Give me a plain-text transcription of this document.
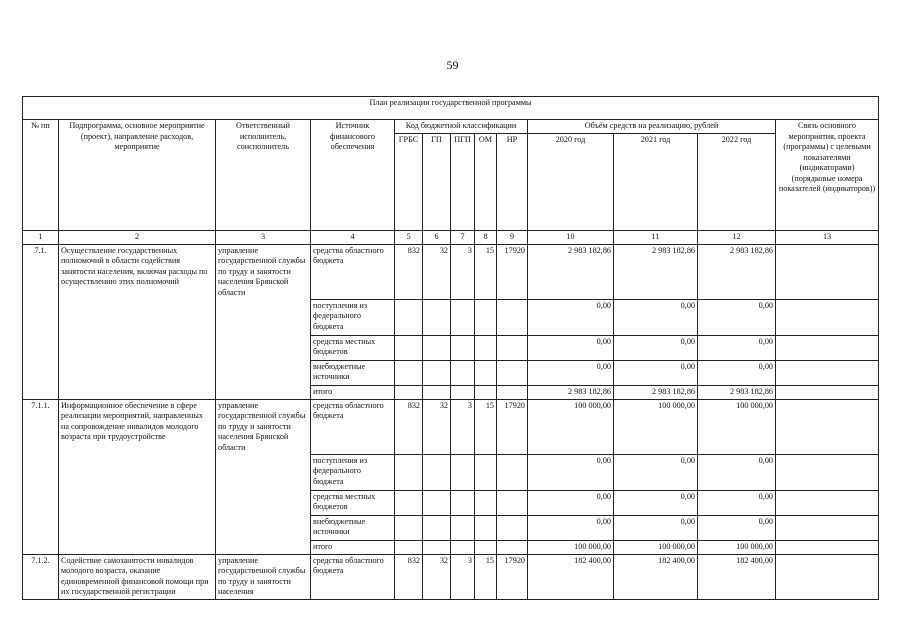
59
План реализации государственной программы												
№ пп	Подпрограмма, основное мероприятие (проект), направление расходов, мероприятие	Ответственный исполнитель, соисполнитель	Источник финансового обеспечения	Код бюджетной классификации					Объём средств на реализацию, рублей			Связь основного мероприятия, проекта (программы) с целевыми показателями (индикаторами) (порядковые номера показателей (индикаторов))
				ГРБС	ГП	ПГП	ОМ	НР	2020 год	2021 год	2022 год	
1	2	3	4	5	6	7	8	9	10	11	12	13
7.1.	Осуществление государственных полномочий в области содействия занятости населения, включая расходы по осуществлению этих полномочий	управление государственной службы по труду и занятости населения Брянской области	средства областного бюджета	832	32	3	15	17920	2 983 182,86	2 983 182,86	2 983 182,86	
			поступления из федерального бюджета						0,00	0,00	0,00	
			средства местных бюджетов						0,00	0,00	0,00	
			внебюджетные источники						0,00	0,00	0,00	
			итого						2 983 182,86	2 983 182,86	2 983 182,86	
7.1.1.	Информационное обеспечение в сфере реализации мероприятий, направленных на сопровождение инвалидов молодого возраста при трудоустройстве	управление государственной службы по труду и занятости населения Брянской области	средства областного бюджета	832	32	3	15	17920	100 000,00	100 000,00	100 000,00	
			поступления из федерального бюджета						0,00	0,00	0,00	
			средства местных бюджетов						0,00	0,00	0,00	
			внебюджетные источники						0,00	0,00	0,00	
			итого						100 000,00	100 000,00	100 000,00	
7.1.2.	Содействие самозанятости инвалидов молодого возраста, оказание единовременной финансовой помощи при их государственной регистрации	управление государственной службы по труду и занятости населения	средства областного бюджета	832	32	3	15	17920	182 400,00	182 400,00	182 400,00	
